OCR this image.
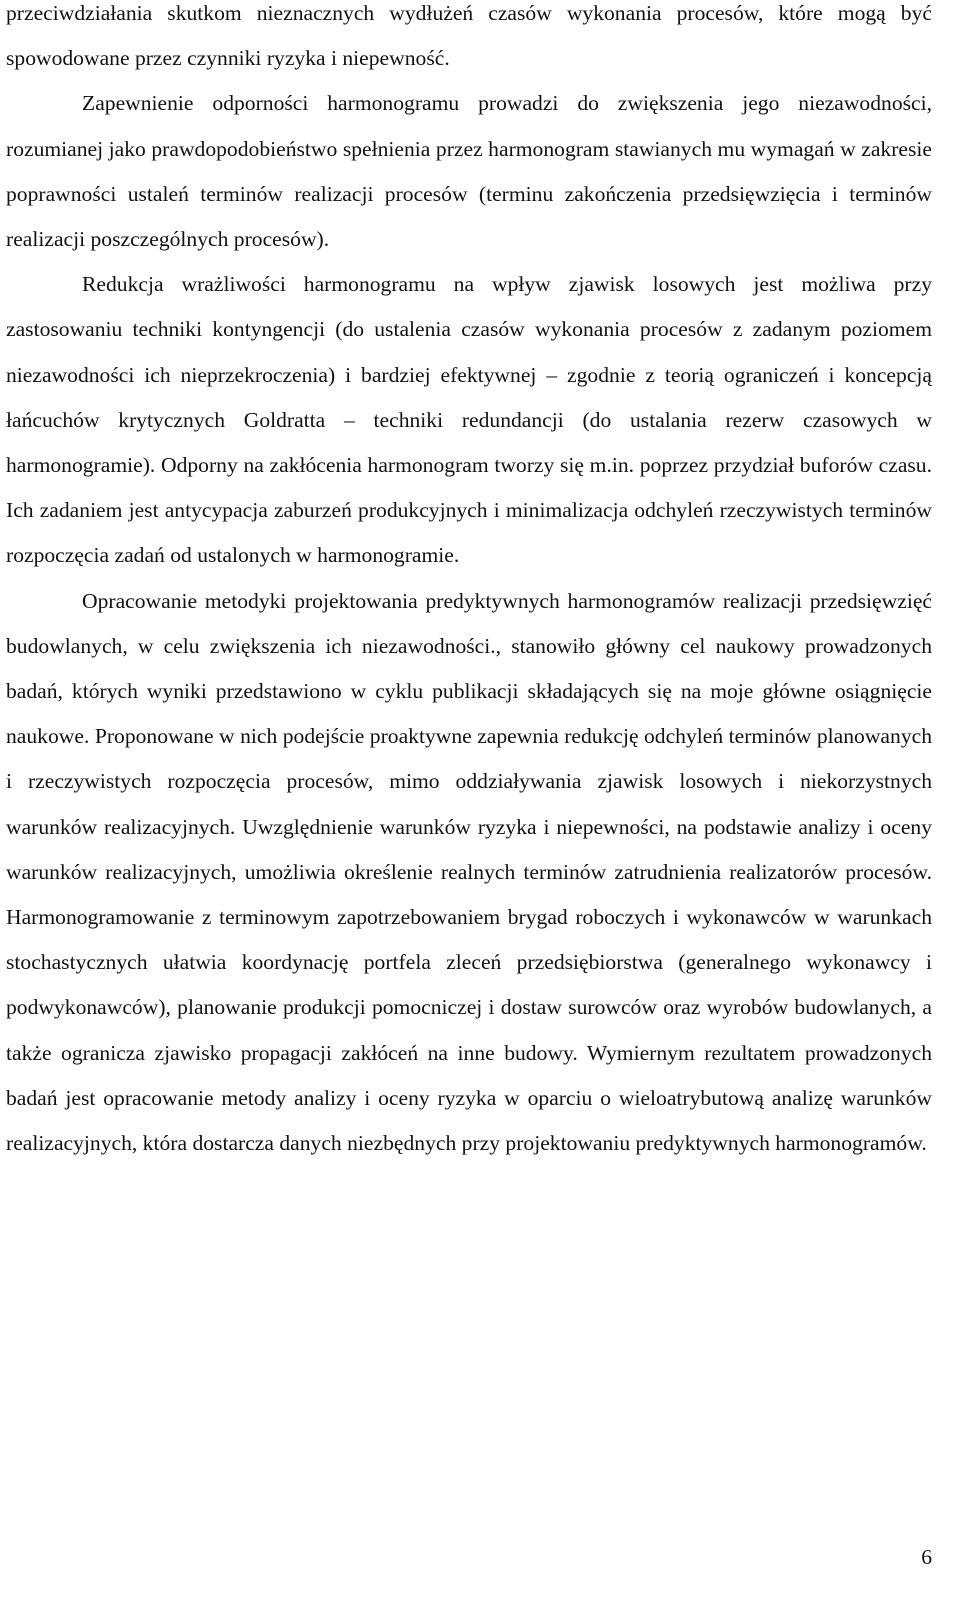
przeciwdziałania skutkom nieznacznych wydłużeń czasów wykonania procesów, które mogą być spowodowane przez czynniki ryzyka i niepewność.

Zapewnienie odporności harmonogramu prowadzi do zwiększenia jego niezawodności, rozumianej jako prawdopodobieństwo spełnienia przez harmonogram stawianych mu wymagań w zakresie poprawności ustaleń terminów realizacji procesów (terminu zakończenia przedsięwzięcia i terminów realizacji poszczególnych procesów).

Redukcja wrażliwości harmonogramu na wpływ zjawisk losowych jest możliwa przy zastosowaniu techniki kontyngencji (do ustalenia czasów wykonania procesów z zadanym poziomem niezawodności ich nieprzekroczenia) i bardziej efektywnej – zgodnie z teorią ograniczeń i koncepcją łańcuchów krytycznych Goldratta – techniki redundancji (do ustalania rezerw czasowych w harmonogramie). Odporny na zakłócenia harmonogram tworzy się m.in. poprzez przydział buforów czasu. Ich zadaniem jest antycypacja zaburzeń produkcyjnych i minimalizacja odchyleń rzeczywistych terminów rozpoczęcia zadań od ustalonych w harmonogramie.

Opracowanie metodyki projektowania predyktywnych harmonogramów realizacji przedsięwzięć budowlanych, w celu zwiększenia ich niezawodności., stanowiło główny cel naukowy prowadzonych badań, których wyniki przedstawiono w cyklu publikacji składających się na moje główne osiągnięcie naukowe. Proponowane w nich podejście proaktywne zapewnia redukcję odchyleń terminów planowanych i rzeczywistych rozpoczęcia procesów, mimo oddziaływania zjawisk losowych i niekorzystnych warunków realizacyjnych. Uwzględnienie warunków ryzyka i niepewności, na podstawie analizy i oceny warunków realizacyjnych, umożliwia określenie realnych terminów zatrudnienia realizatorów procesów. Harmonogramowanie z terminowym zapotrzebowaniem brygad roboczych i wykonawców w warunkach stochastycznych ułatwia koordynację portfela zleceń przedsiębiorstwa (generalnego wykonawcy i podwykonawców), planowanie produkcji pomocniczej i dostaw surowców oraz wyrobów budowlanych, a także ogranicza zjawisko propagacji zakłóceń na inne budowy. Wymiernym rezultatem prowadzonych badań jest opracowanie metody analizy i oceny ryzyka w oparciu o wieloatrybutową analizę warunków realizacyjnych, która dostarcza danych niezbędnych przy projektowaniu predyktywnych harmonogramów.

6
